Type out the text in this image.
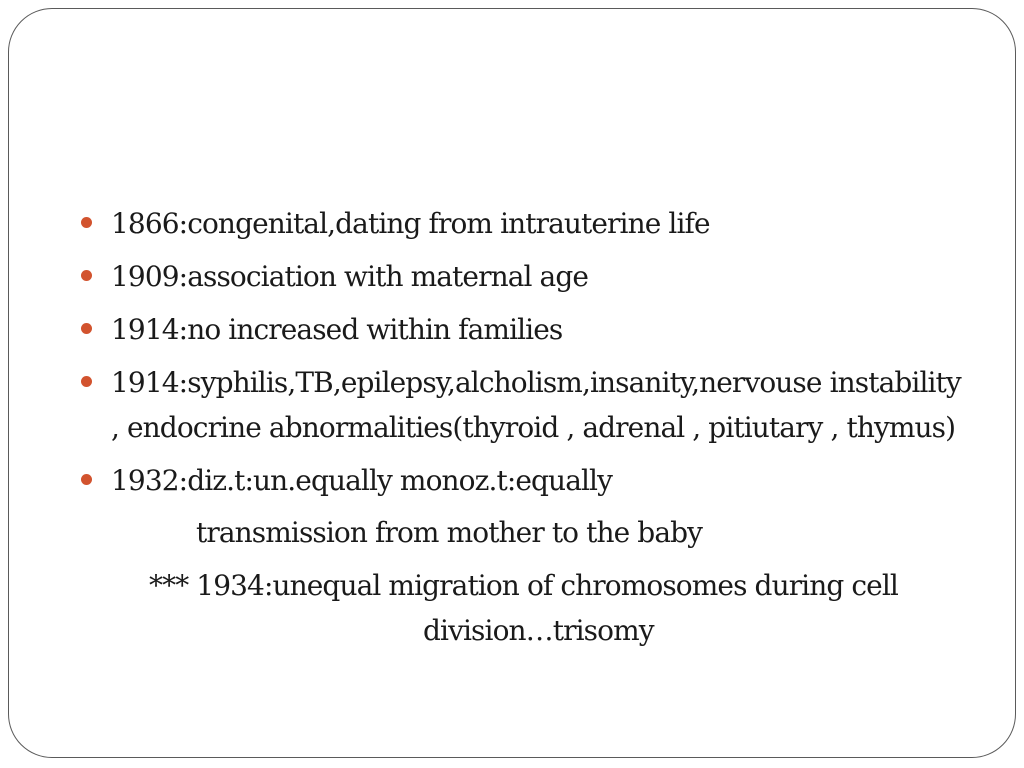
1866:congenital,dating from intrauterine life
1909:association with maternal age
1914:no increased within families
1914:syphilis,TB,epilepsy,alcholism,insanity,nervouse instability
, endocrine abnormalities(thyroid , adrenal , pitiutary , thymus)
1932:diz.t:un.equally monoz.t:equally
transmission from mother to the baby
*** 1934:unequal migration of chromosomes during cell
division…trisomy
